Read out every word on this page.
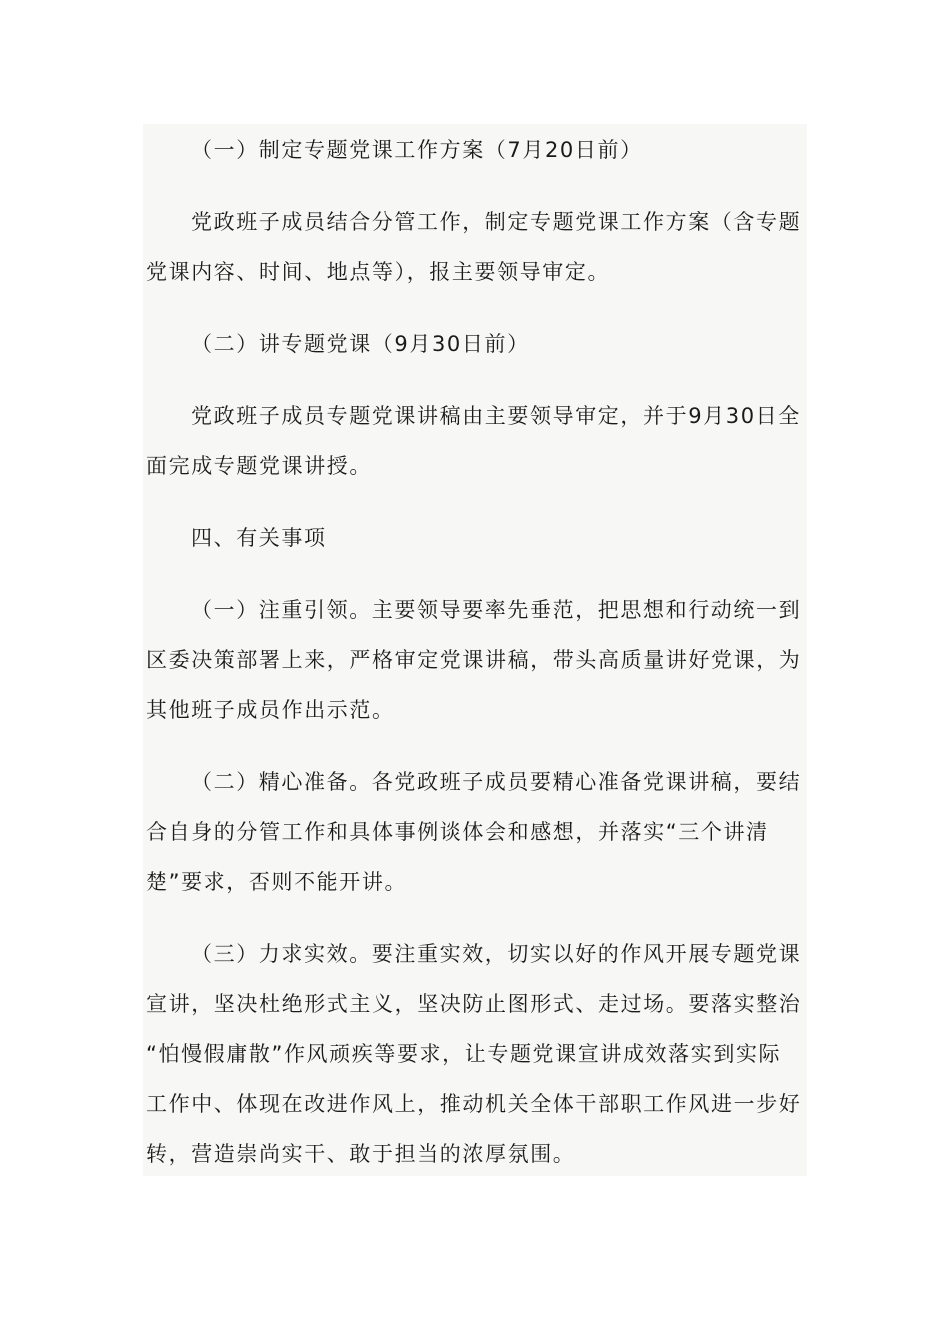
（一）制定专题党课工作方案（7月20日前）
党政班子成员结合分管工作，制定专题党课工作方案（含专题
党课内容、时间、地点等），报主要领导审定。
（二）讲专题党课（9月30日前）
党政班子成员专题党课讲稿由主要领导审定，并于9月30日全
面完成专题党课讲授。
四、有关事项
（一）注重引领。主要领导要率先垂范，把思想和行动统一到
区委决策部署上来，严格审定党课讲稿，带头高质量讲好党课，为
其他班子成员作出示范。
（二）精心准备。各党政班子成员要精心准备党课讲稿，要结
合自身的分管工作和具体事例谈体会和感想，并落实“三个讲清
楚”要求，否则不能开讲。
（三）力求实效。要注重实效，切实以好的作风开展专题党课
宣讲，坚决杜绝形式主义，坚决防止图形式、走过场。要落实整治
“怕慢假庸散”作风顽疾等要求，让专题党课宣讲成效落实到实际
工作中、体现在改进作风上，推动机关全体干部职工作风进一步好
转，营造崇尚实干、敢于担当的浓厚氛围。
